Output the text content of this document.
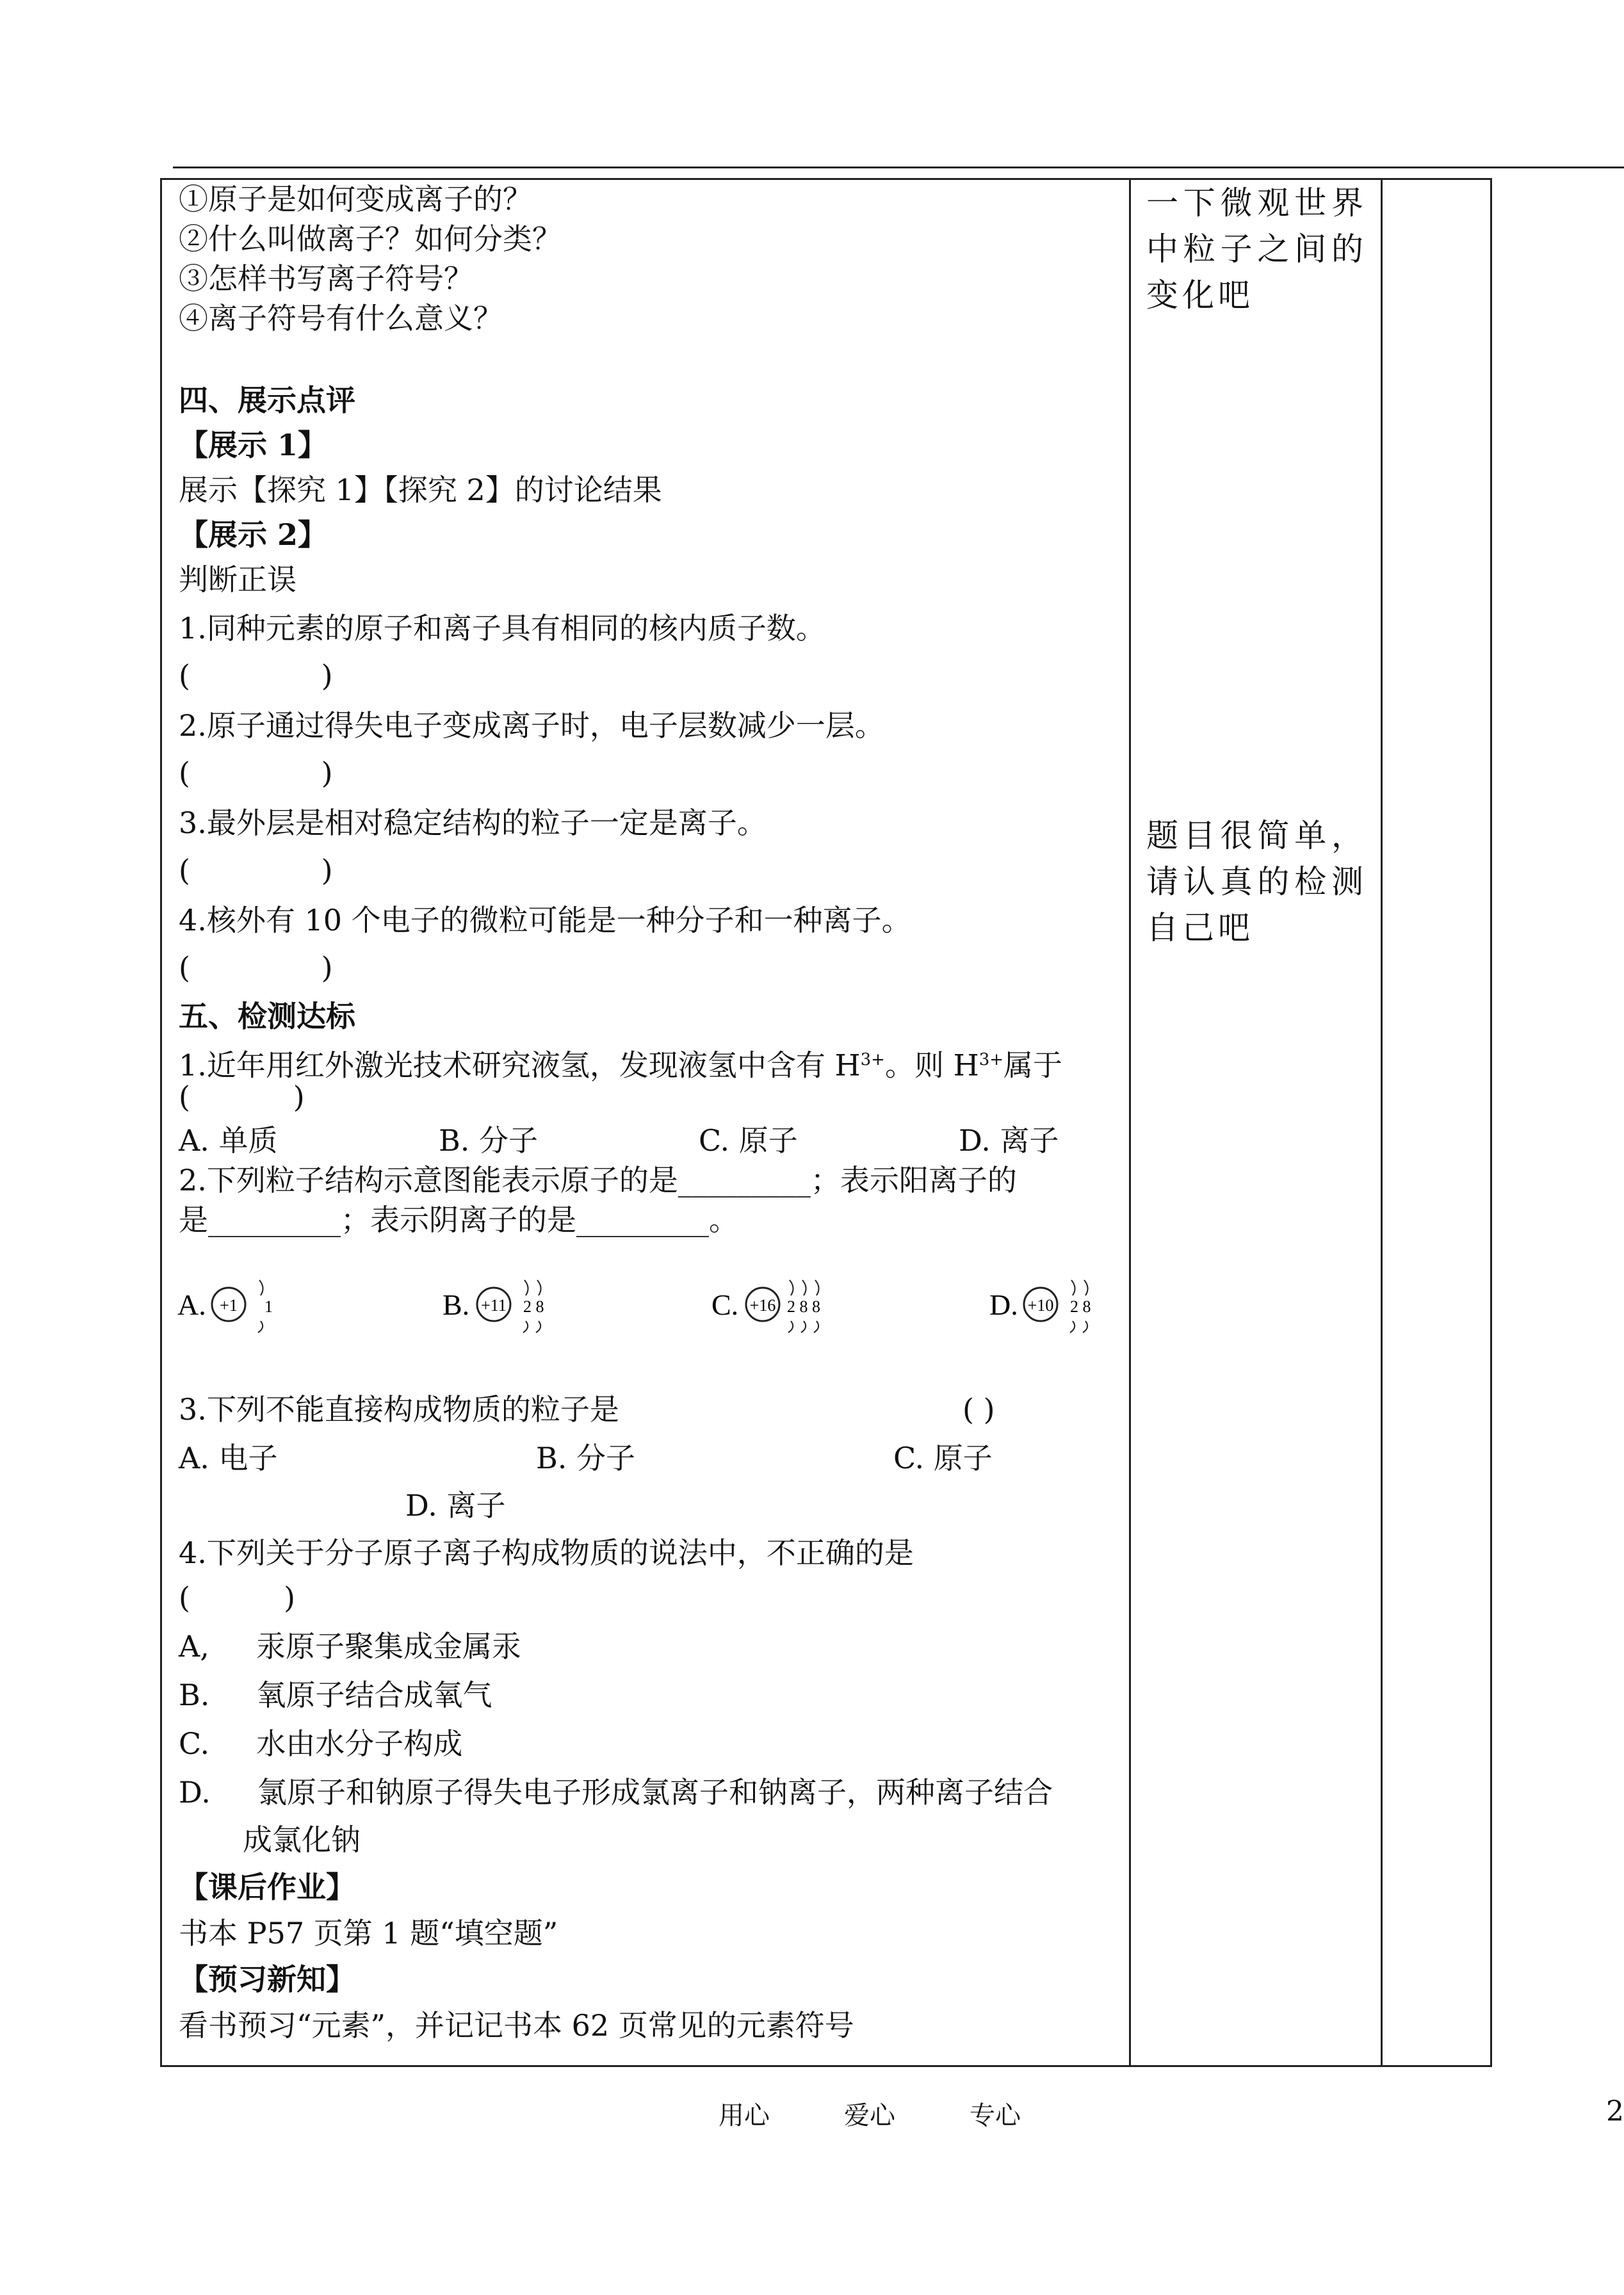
①原子是如何变成离子的？
②什么叫做离子？如何分类？
③怎样书写离子符号？
④离子符号有什么意义？
四、展示点评
【展示 1】
展示【探究 1】【探究 2】的讨论结果
【展示 2】
判断正误
1.同种元素的原子和离子具有相同的核内质子数。
(              )
2.原子通过得失电子变成离子时，电子层数减少一层。
(              )
3.最外层是相对稳定结构的粒子一定是离子。
(              )
4.核外有 10 个电子的微粒可能是一种分子和一种离子。
(              )
五、检测达标
1.近年用红外激光技术研究液氢，发现液氢中含有 $H^{3+}$。则 $H^{3+}$属于
(           )
A. 单质	B. 分子	C. 原子	D. 离子
2.下列粒子结构示意图能表示原子的是_________；表示阳离子的
是_________；表示阴离子的是_________。
A. +1 1	B. +11 2 8	C. +16 2 8 8	D. +10 2 8
3.下列不能直接构成物质的粒子是	( )
A. 电子	B. 分子	C. 原子
D. 离子
4.下列关于分子原子离子构成物质的说法中，不正确的是
(          )
A,     汞原子聚集成金属汞
B.     氧原子结合成氧气
C.     水由水分子构成
D.     氯原子和钠原子得失电子形成氯离子和钠离子，两种离子结合
成氯化钠
【课后作业】
书本 P57 页第 1 题“填空题”
【预习新知】
看书预习“元素”，并记记书本 62 页常见的元素符号
一下微观世界中粒子之间的变化吧
题目很简单，请认真的检测自己吧
用心	爱心	专心	2
